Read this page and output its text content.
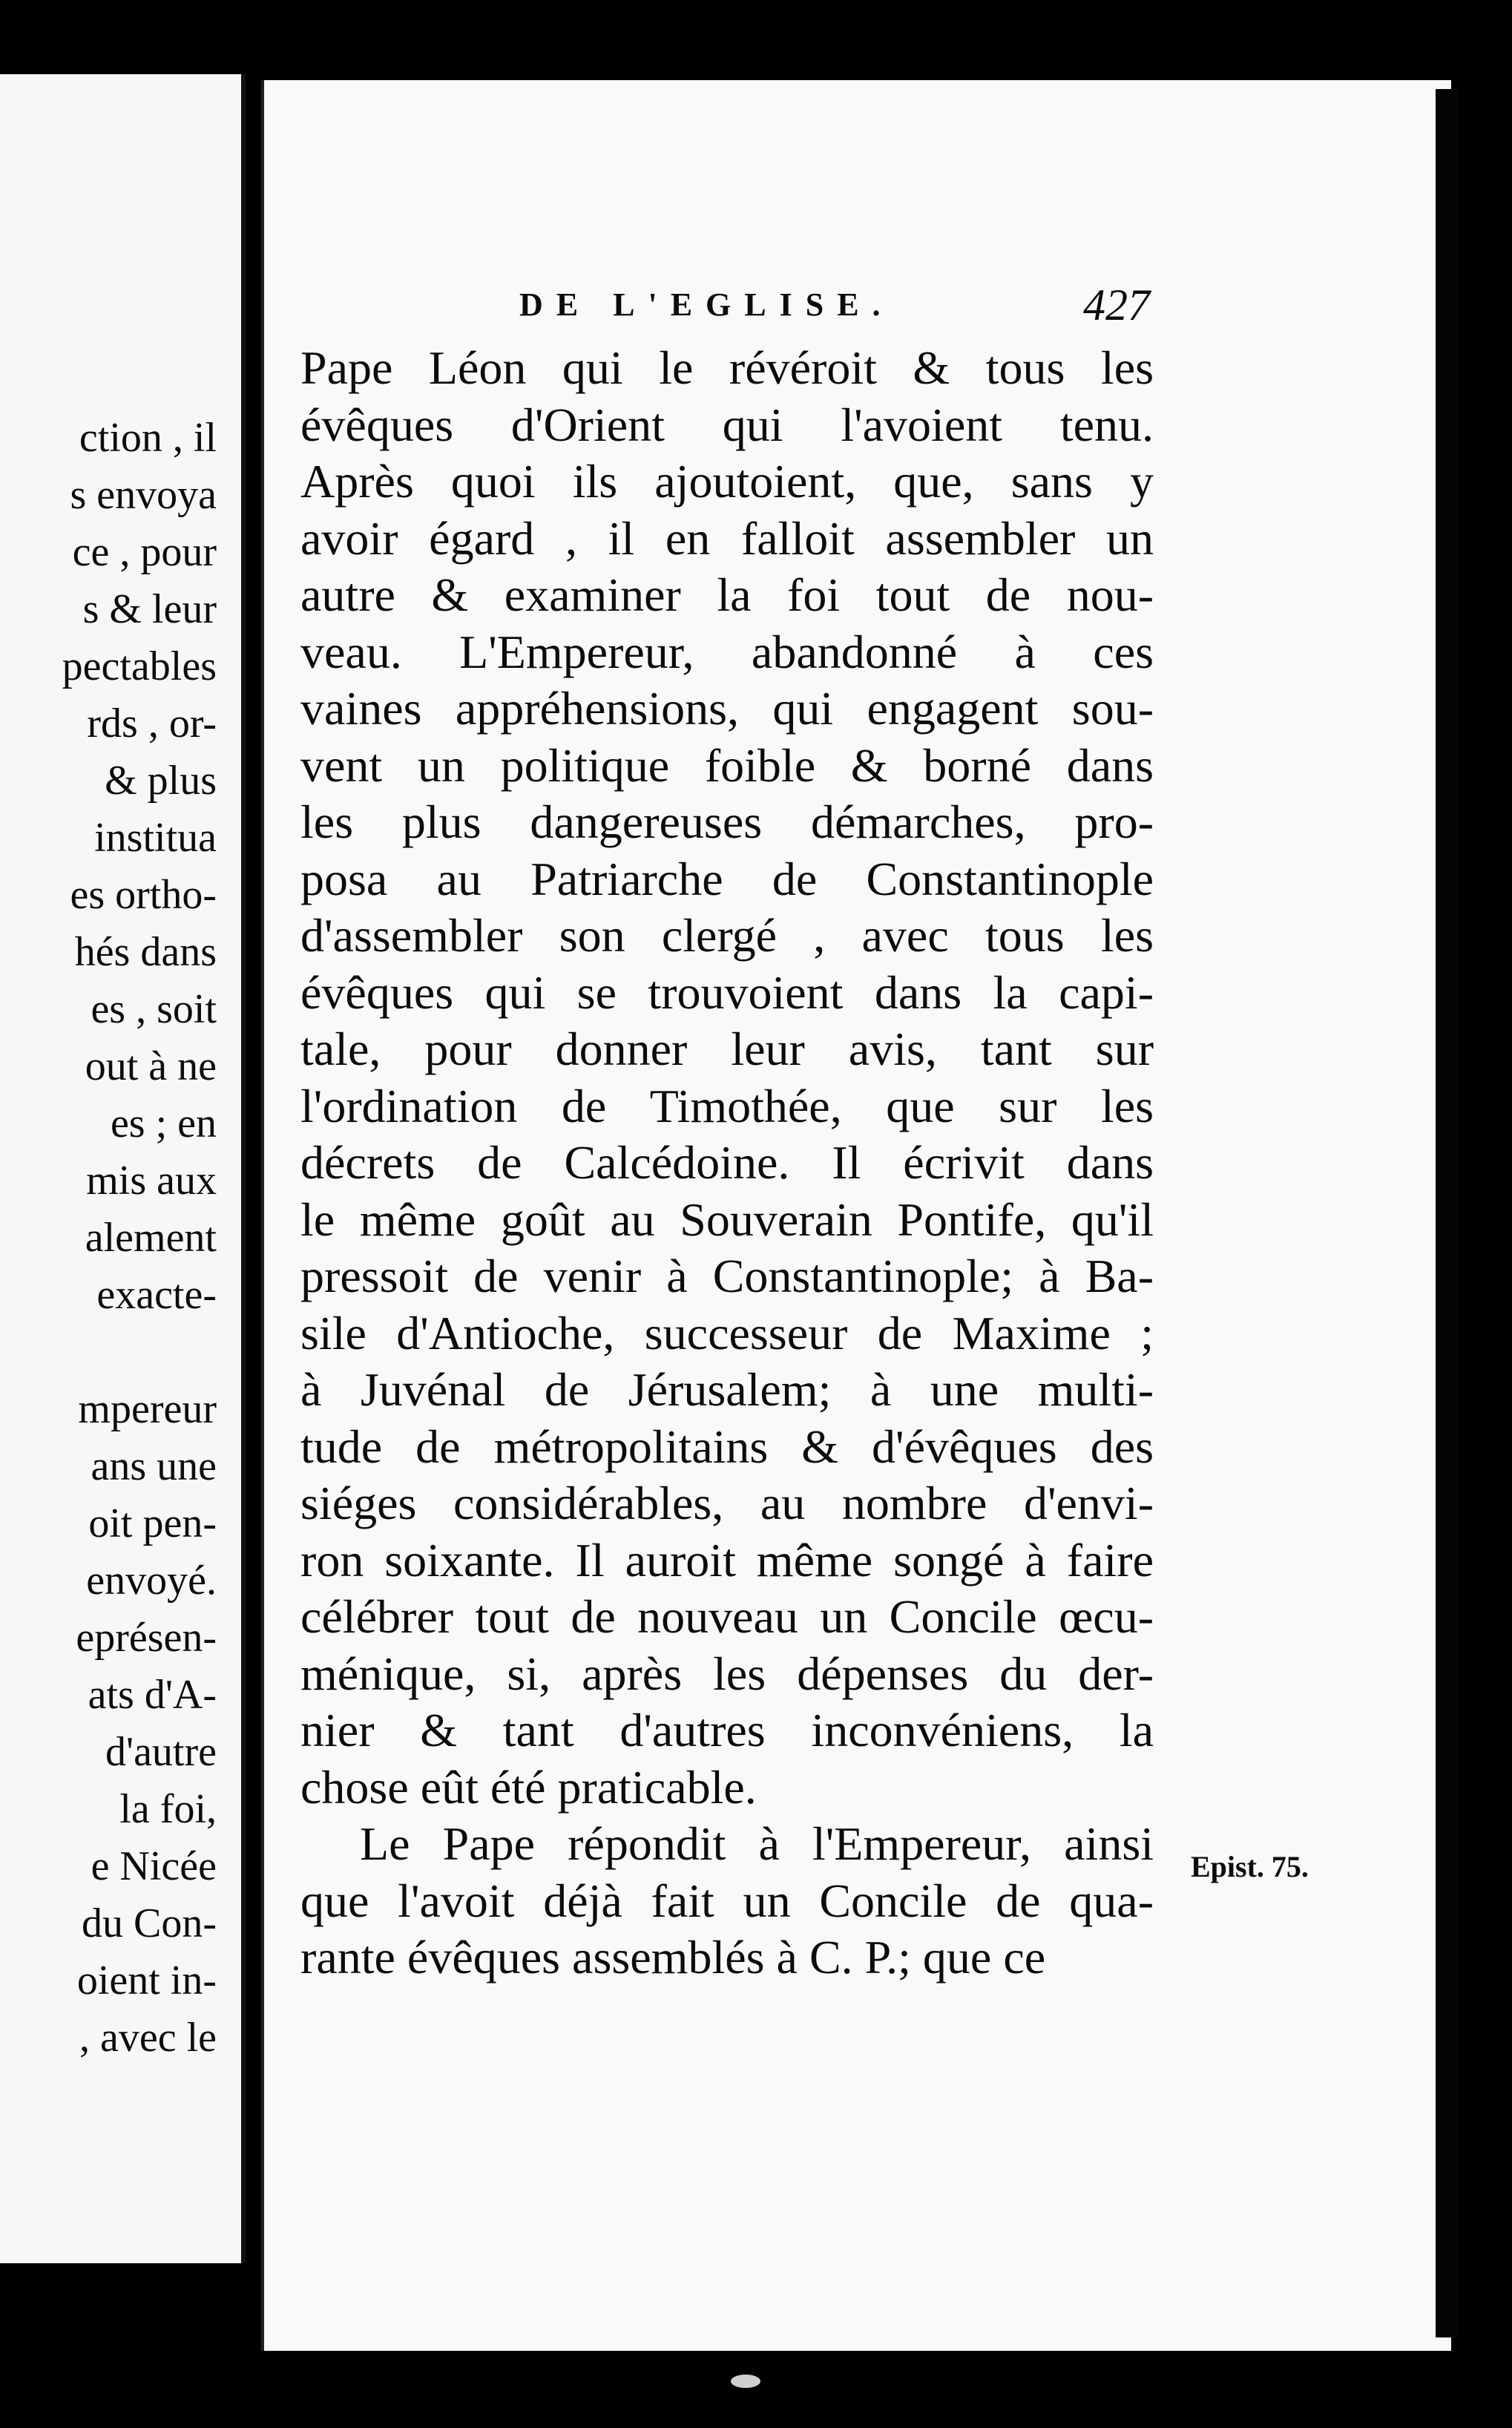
ction , il
s envoya
ce , pour
s & leur
pectables
rds , or-
& plus
institua
es ortho-
hés dans
es , soit
out à ne
es ; en
mis aux
alement
exacte-
mpereur
ans une
oit pen-
envoyé.
eprésen-
ats d'A-
d'autre
la foi,
e Nicée
du Con-
oient in-
, avec le
DE L'EGLISE.	427
Pape Léon qui le révéroit & tous les
évêques d'Orient qui l'avoient tenu.
Après quoi ils ajoutoient, que, sans y
avoir égard , il en falloit assembler un
autre & examiner la foi tout de nou-
veau. L'Empereur, abandonné à ces
vaines appréhensions, qui engagent sou-
vent un politique foible & borné dans
les plus dangereuses démarches, pro-
posa au Patriarche de Constantinople
d'assembler son clergé , avec tous les
évêques qui se trouvoient dans la capi-
tale, pour donner leur avis, tant sur
l'ordination de Timothée, que sur les
décrets de Calcédoine. Il écrivit dans
le même goût au Souverain Pontife, qu'il
pressoit de venir à Constantinople; à Ba-
sile d'Antioche, successeur de Maxime ;
à Juvénal de Jérusalem; à une multi-
tude de métropolitains & d'évêques des
siéges considérables, au nombre d'envi-
ron soixante. Il auroit même songé à faire
célébrer tout de nouveau un Concile œcu-
ménique, si, après les dépenses du der-
nier & tant d'autres inconvéniens, la
chose eût été praticable.
Le Pape répondit à l'Empereur, ainsi
que l'avoit déjà fait un Concile de qua-
rante évêques assemblés à C. P.; que ce
Epist. 75.
